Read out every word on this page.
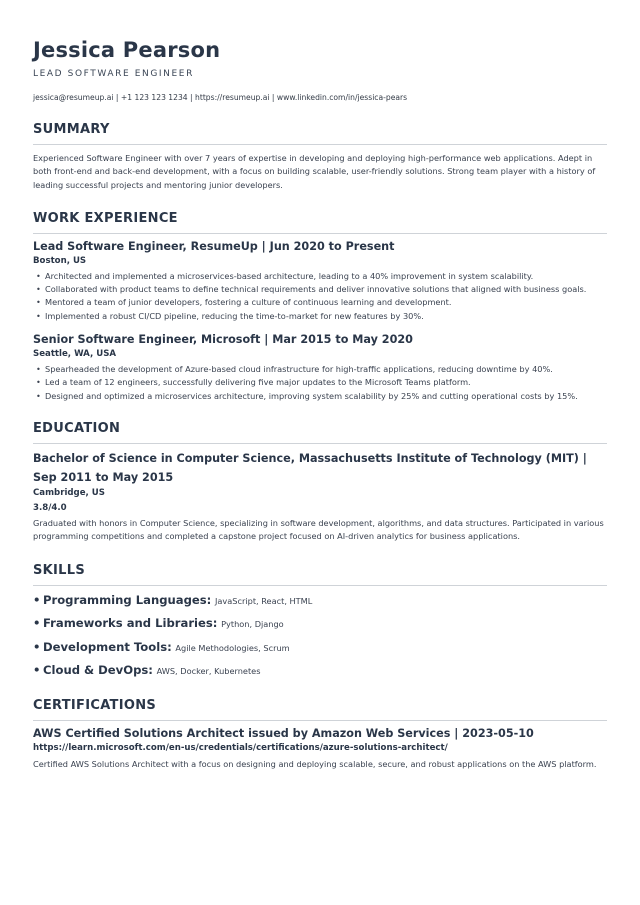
Jessica Pearson
LEAD SOFTWARE ENGINEER
jessica@resumeup.ai | +1 123 123 1234 | https://resumeup.ai | www.linkedin.com/in/jessica-pears
SUMMARY
Experienced Software Engineer with over 7 years of expertise in developing and deploying high-performance web applications. Adept in both front-end and back-end development, with a focus on building scalable, user-friendly solutions. Strong team player with a history of leading successful projects and mentoring junior developers.
WORK EXPERIENCE
Lead Software Engineer, ResumeUp | Jun 2020 to Present
Boston, US
• Architected and implemented a microservices-based architecture, leading to a 40% improvement in system scalability.
• Collaborated with product teams to define technical requirements and deliver innovative solutions that aligned with business goals.
• Mentored a team of junior developers, fostering a culture of continuous learning and development.
• Implemented a robust CI/CD pipeline, reducing the time-to-market for new features by 30%.
Senior Software Engineer, Microsoft | Mar 2015 to May 2020
Seattle, WA, USA
• Spearheaded the development of Azure-based cloud infrastructure for high-traffic applications, reducing downtime by 40%.
• Led a team of 12 engineers, successfully delivering five major updates to the Microsoft Teams platform.
• Designed and optimized a microservices architecture, improving system scalability by 25% and cutting operational costs by 15%.
EDUCATION
Bachelor of Science in Computer Science, Massachusetts Institute of Technology (MIT) | Sep 2011 to May 2015
Cambridge, US
3.8/4.0
Graduated with honors in Computer Science, specializing in software development, algorithms, and data structures. Participated in various programming competitions and completed a capstone project focused on AI-driven analytics for business applications.
SKILLS
• Programming Languages: JavaScript, React, HTML
• Frameworks and Libraries: Python, Django
• Development Tools: Agile Methodologies, Scrum
• Cloud & DevOps: AWS, Docker, Kubernetes
CERTIFICATIONS
AWS Certified Solutions Architect issued by Amazon Web Services | 2023-05-10
https://learn.microsoft.com/en-us/credentials/certifications/azure-solutions-architect/
Certified AWS Solutions Architect with a focus on designing and deploying scalable, secure, and robust applications on the AWS platform.
